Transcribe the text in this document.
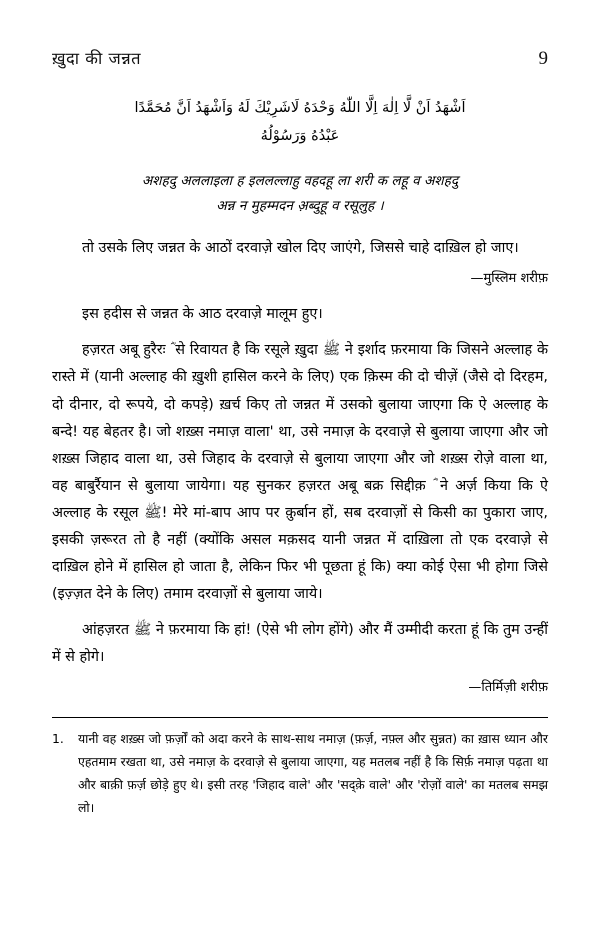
ख़ुदा की जन्नत	9
اَشْهَدُ اَنْ لَّا اِلٰهَ اِلَّا اللّٰهُ وَحْدَهُ لَاشَرِيْكَ لَهُ وَاَشْهَدُ اَنَّ مُحَمَّدًا
عَبْدُهُ وَرَسُوْلُهُ
अशहदु अललाइला ह इललल्लाहु वहदहू ला शरी क लहू व अशहदु
अन्न न मुहम्मदन अ़ब्दुहू व रसूलुह ।

तो उसके लिए जन्नत के आठों दरवाज़े खोल दिए जाएंगे, जिससे चाहे दाख़िल हो जाए।

—मुस्लिम शरीफ़

इस हदीस से जन्नत के आठ दरवाज़े मालूम हुए।

हज़रत अबू हुरैरः ؓ से रिवायत है कि रसूले ख़ुदा ﷺ ने इर्शाद फ़रमाया कि जिसने अल्लाह के रास्ते में (यानी अल्लाह की ख़ुशी हासिल करने के लिए) एक क़िस्म की दो चीज़ें (जैसे दो दिरहम, दो दीनार, दो रूपये, दो कपड़े) ख़र्च किए तो जन्नत में उसको बुलाया जाएगा कि ऐ अल्लाह के बन्दे! यह बेहतर है। जो शख़्स नमाज़ वाला' था, उसे नमाज़ के दरवाज़े से बुलाया जाएगा और जो शख़्स जिहाद वाला था, उसे जिहाद के दरवाज़े से बुलाया जाएगा और जो शख़्स रोज़े वाला था, वह बाबुर्रैयान से बुलाया जायेगा। यह सुनकर हज़रत अबू बक्र सिद्दीक़ ؓ ने अर्ज़ किया कि ऐ अल्लाह के रसूल ﷺ! मेरे मां-बाप आप पर क़ुर्बान हों, सब दरवाज़ों से किसी का पुकारा जाए, इसकी ज़रूरत तो है नहीं (क्योंकि असल मक़सद यानी जन्नत में दाख़िला तो एक दरवाज़े से दाख़िल होने में हासिल हो जाता है, लेकिन फिर भी पूछता हूं कि) क्या कोई ऐसा भी होगा जिसे (इज़्ज़त देने के लिए) तमाम दरवाज़ों से बुलाया जाये।

आंहज़रत ﷺ ने फ़रमाया कि हां! (ऐसे भी लोग होंगे) और मैं उम्मीदी करता हूं कि तुम उन्हीं में से होगे।

—तिर्मिज़ी शरीफ़
1.	यानी वह शख़्स जो फ़र्ज़ों को अदा करने के साथ-साथ नमाज़ (फ़र्ज़, नफ़्ल और सुन्नत) का ख़ास ध्यान और एहतमाम रखता था, उसे नमाज़ के दरवाज़े से बुलाया जाएगा, यह मतलब नहीं है कि सिर्फ़ नमाज़ पढ़ता था और बाक़ी फ़र्ज़ छोड़े हुए थे। इसी तरह 'जिहाद वाले' और 'सद्क़े वाले' और 'रोज़ों वाले' का मतलब समझ लो।
